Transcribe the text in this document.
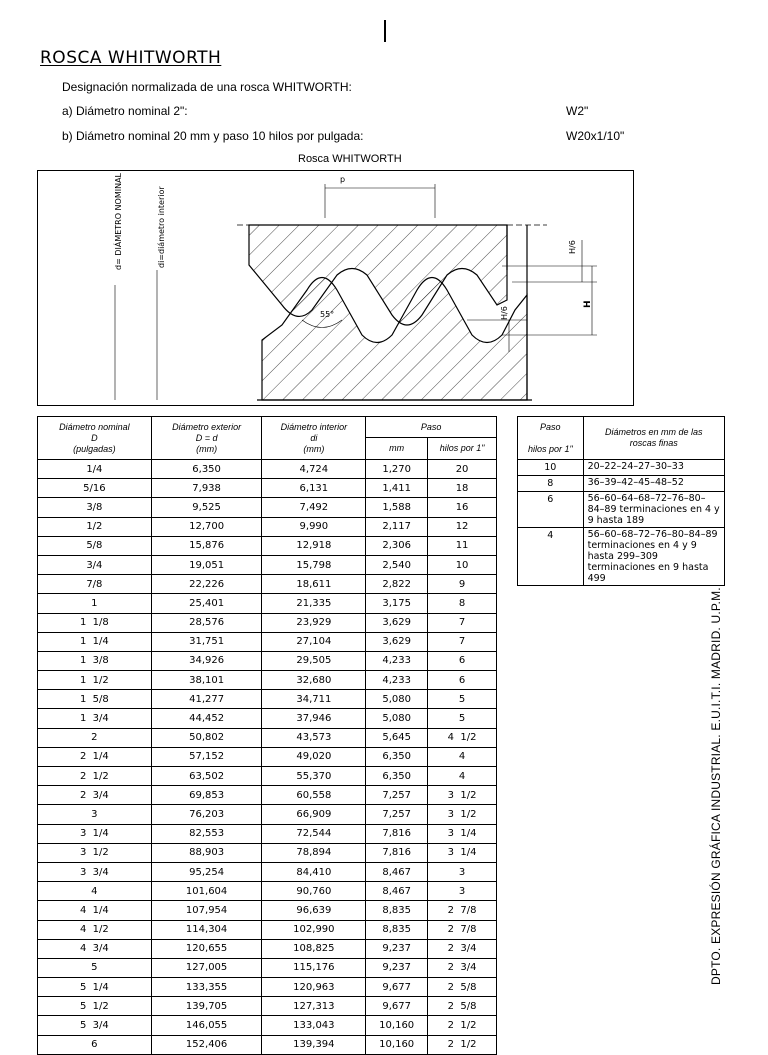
ROSCA WHITWORTH
Designación normalizada de una rosca WHITWORTH:
a) Diámetro nominal 2":	W2"
b) Diámetro nominal 20 mm y paso 10 hilos por pulgada:	W20x1/10"
Rosca WHITWORTH
p
H/6
H
H/6
55°
d= DIÁMETRO NOMINAL	di=diámetro interior
Diámetro nominal
D
(pulgadas)	Diámetro exterior
D = d
(mm)	Diámetro interior
di
(mm)	Paso	
			mm	hilos por 1"
1/4	6,350	4,724	1,270	20
5/16	7,938	6,131	1,411	18
3/8	9,525	7,492	1,588	16
1/2	12,700	9,990	2,117	12
5/8	15,876	12,918	2,306	11
3/4	19,051	15,798	2,540	10
7/8	22,226	18,611	2,822	9
1	25,401	21,335	3,175	8
1  1/8	28,576	23,929	3,629	7
1  1/4	31,751	27,104	3,629	7
1  3/8	34,926	29,505	4,233	6
1  1/2	38,101	32,680	4,233	6
1  5/8	41,277	34,711	5,080	5
1  3/4	44,452	37,946	5,080	5
2	50,802	43,573	5,645	4  1/2
2  1/4	57,152	49,020	6,350	4
2  1/2	63,502	55,370	6,350	4
2  3/4	69,853	60,558	7,257	3  1/2
3	76,203	66,909	7,257	3  1/2
3  1/4	82,553	72,544	7,816	3  1/4
3  1/2	88,903	78,894	7,816	3  1/4
3  3/4	95,254	84,410	8,467	3
4	101,604	90,760	8,467	3
4  1/4	107,954	96,639	8,835	2  7/8
4  1/2	114,304	102,990	8,835	2  7/8
4  3/4	120,655	108,825	9,237	2  3/4
5	127,005	115,176	9,237	2  3/4
5  1/4	133,355	120,963	9,677	2  5/8
5  1/2	139,705	127,313	9,677	2  5/8
5  3/4	146,055	133,043	10,160	2  1/2
6	152,406	139,394	10,160	2  1/2
Paso

hilos por 1"	Diámetros en mm de las
roscas finas
10	20–22–24–27–30–33
8	36–39–42–45–48–52
6	56–60–64–68–72–76–80–84–89 terminaciones en 4 y 9 hasta 189
4	56–60–68–72–76–80–84–89 terminaciones en 4 y 9 hasta 299–309 terminaciones en 9 hasta 499
DPTO. EXPRESIÓN GRÁFICA INDUSTRIAL. E.U.I.T.I. MADRID. U.P.M.
